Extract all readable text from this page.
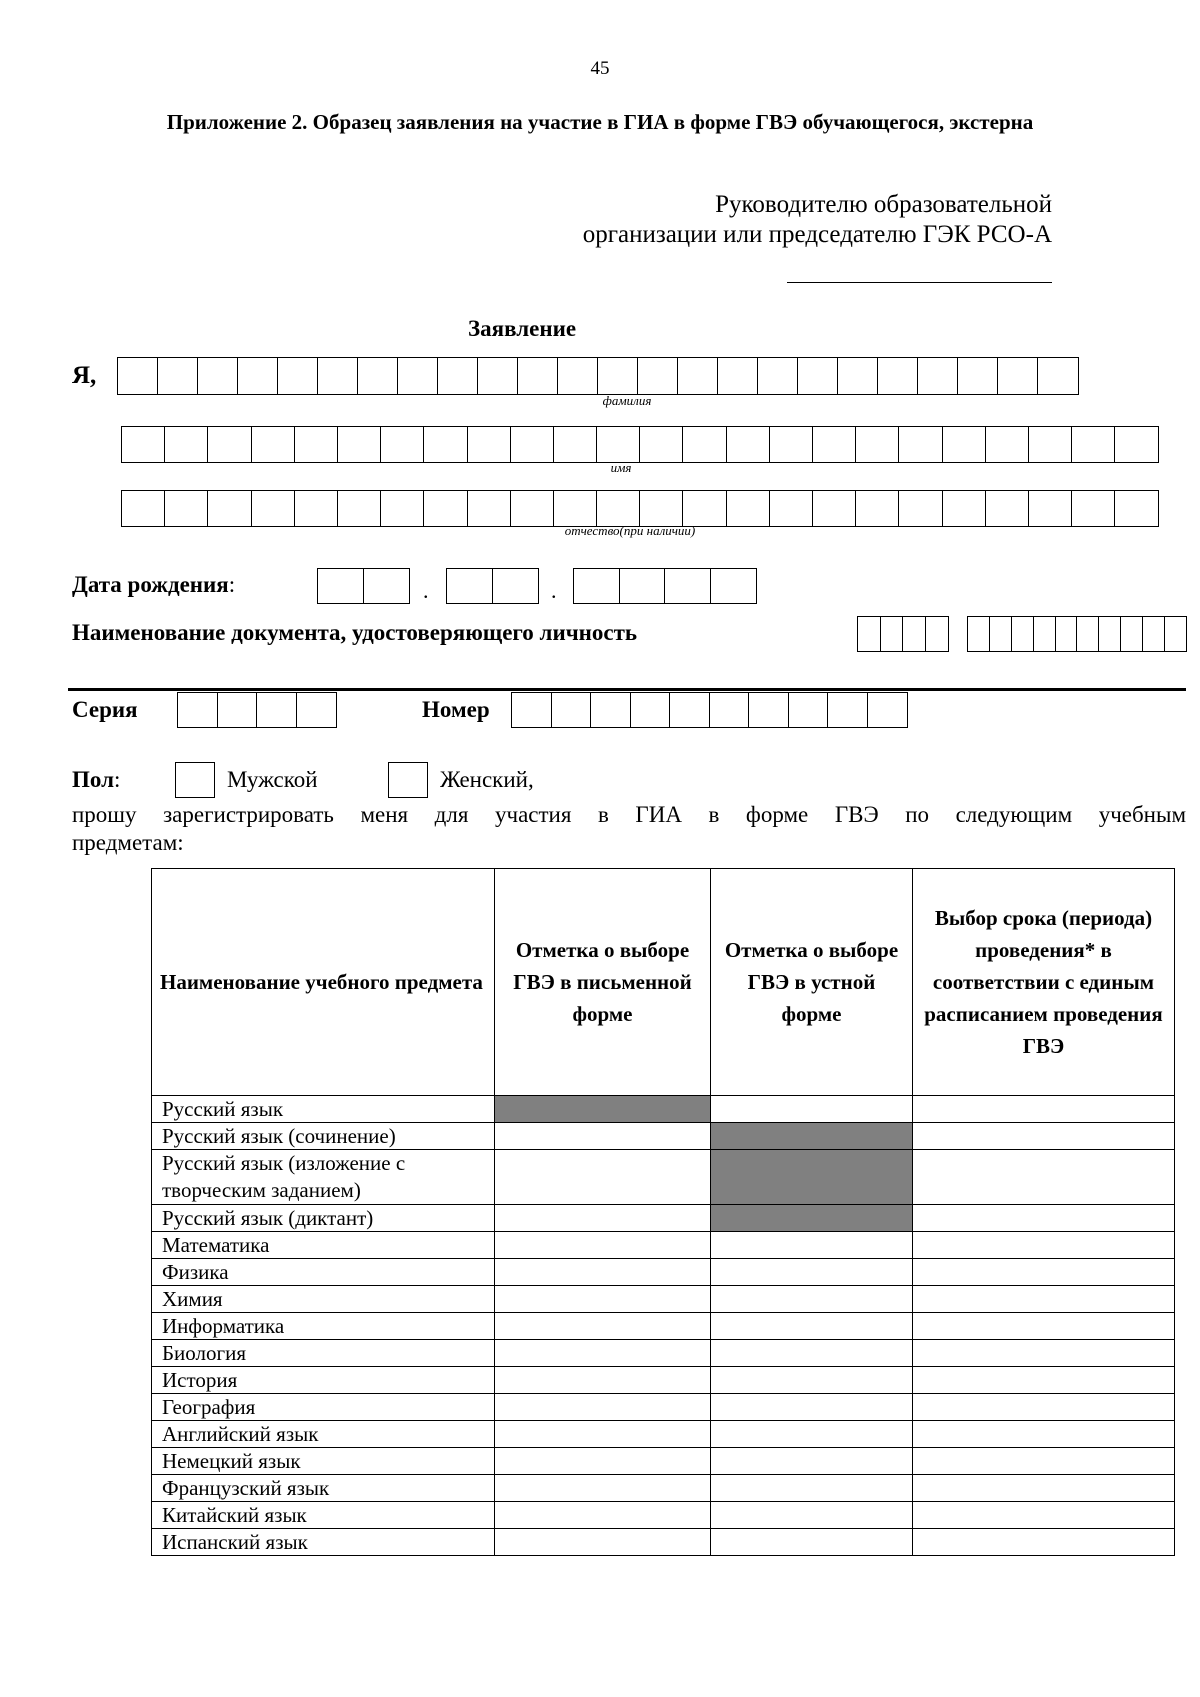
45
Приложение 2. Образец заявления на участие в ГИА в форме ГВЭ обучающегося, экстерна
Руководителю образовательной
организации или председателю ГЭК РСО-А
Заявление
Я,
фамилия
имя
отчество(при наличии)
Дата рождения:	.	.
Наименование документа, удостоверяющего личность
Серия	Номер
Пол:	Мужской	Женский,
прошу зарегистрировать меня для участия в ГИА в форме ГВЭ по следующим учебным
предметам:
Наименование учебного предмета	Отметка о выборе ГВЭ в письменной форме	Отметка о выборе ГВЭ в устной форме	Выбор срока (периода) проведения* в соответствии с единым расписанием проведения ГВЭ
Русский язык			
Русский язык (сочинение)			
Русский язык (изложение с творческим заданием)			
Русский язык (диктант)			
Математика			
Физика			
Химия			
Информатика			
Биология			
История			
География			
Английский язык			
Немецкий язык			
Французский язык			
Китайский язык			
Испанский язык			
